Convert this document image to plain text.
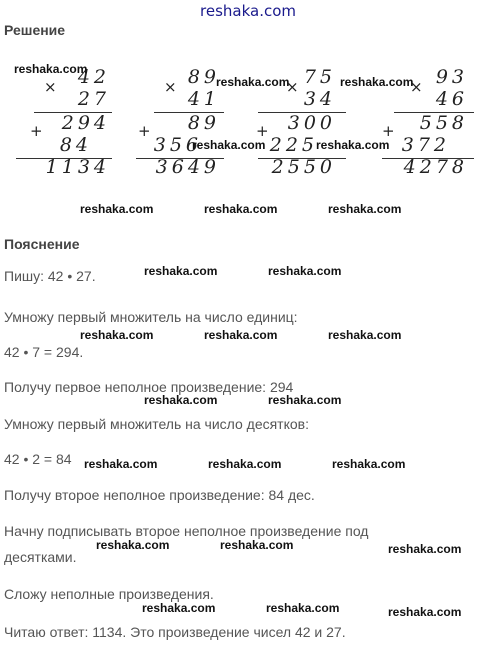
reshaka.com
Решение
× 42
27
+ 294
84
1134
× 89
41
+ 89
356
3649
× 75
34
+ 300
225
2550
× 93
46
+ 558
372
4278
reshaka.com
reshaka.com	reshaka.com
reshaka.com	reshaka.com
reshaka.com	reshaka.com	reshaka.com
Пояснение
Пишу: 42 • 27.
Умножу первый множитель на число единиц:
42 • 7 = 294.
Получу первое неполное произведение: 294
Умножу первый множитель на число десятков:
42 • 2 = 84
Получу второе неполное произведение: 84 дес.
Начну подписывать второе неполное произведение под
десятками.
Сложу неполные произведения.
Читаю ответ: 1134. Это произведение чисел 42 и 27.
reshaka.com	reshaka.com
reshaka.com	reshaka.com	reshaka.com
reshaka.com	reshaka.com
reshaka.com	reshaka.com	reshaka.com
reshaka.com	reshaka.com	reshaka.com
reshaka.com	reshaka.com	reshaka.com
